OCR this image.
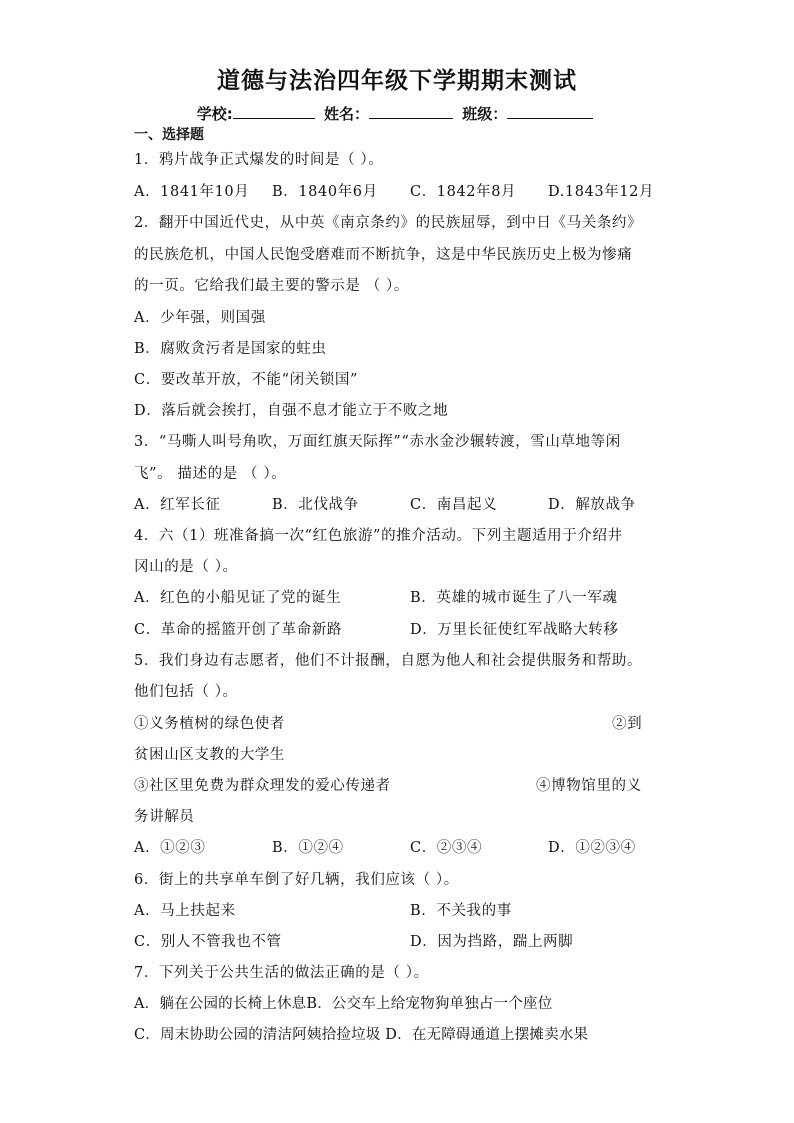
道德与法治四年级下学期期末测试
学校:	姓名：	班级：
一、选择题
1．鸦片战争正式爆发的时间是（ ）。
A．1841年10月 B．1840年6月 C．1842年8月 D.1843年12月
2．翻开中国近代史，从中英《南京条约》的民族屈辱，到中日《马关条约》
的民族危机，中国人民饱受磨难而不断抗争，这是中华民族历史上极为惨痛
的一页。它给我们最主要的警示是 （ ）。
A．少年强，则国强
B．腐败贪污者是国家的蛀虫
C．要改革开放，不能“闭关锁国”
D．落后就会挨打，自强不息才能立于不败之地
3．“马嘶人叫号角吹，万面红旗天际挥”“赤水金沙辗转渡，雪山草地等闲
飞”。 描述的是 （ ）。
A．红军长征	B．北伐战争	C．南昌起义	D．解放战争
4．六（1）班准备搞一次“红色旅游”的推介活动。下列主题适用于介绍井
冈山的是（ ）。
A．红色的小船见证了党的诞生	B．英雄的城市诞生了八一军魂
C．革命的摇篮开创了革命新路	D．万里长征使红军战略大转移
5．我们身边有志愿者，他们不计报酬，自愿为他人和社会提供服务和帮助。
他们包括（ ）。
①义务植树的绿色使者	②到
贫困山区支教的大学生
③社区里免费为群众理发的爱心传递者	④博物馆里的义
务讲解员
A．①②③	B．①②④	C．②③④	D．①②③④
6．街上的共享单车倒了好几辆，我们应该（ ）。
A．马上扶起来	B．不关我的事
C．别人不管我也不管	D．因为挡路，踹上两脚
7．下列关于公共生活的做法正确的是（ ）。
A．躺在公园的长椅上休息B．公交车上给宠物狗单独占一个座位
C．周末协助公园的清洁阿姨拾捡垃圾 D．在无障碍通道上摆摊卖水果
